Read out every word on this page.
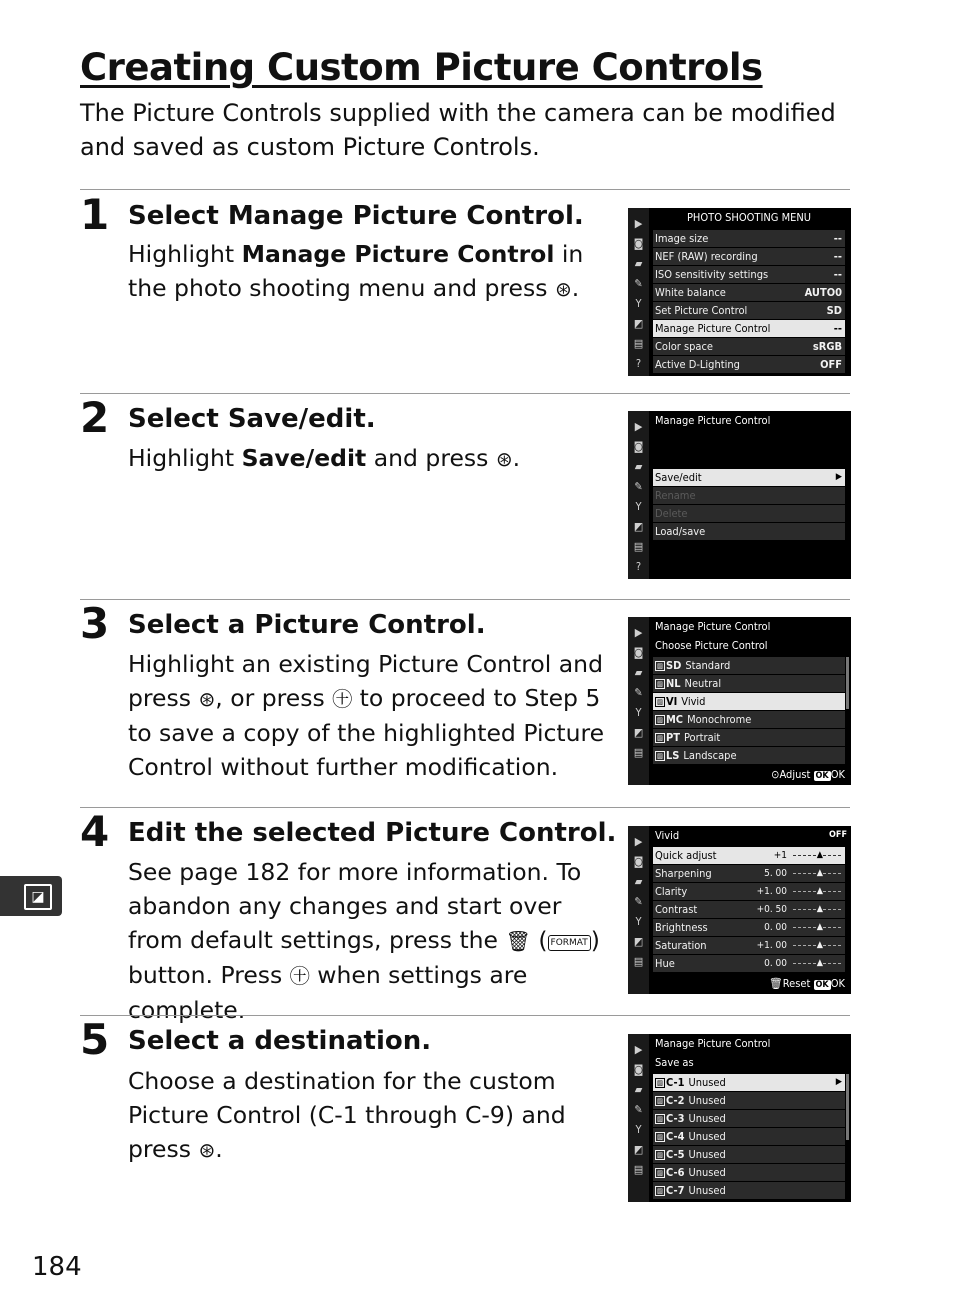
Creating Custom Picture Controls
The Picture Controls supplied with the camera can be modified and saved as custom Picture Controls.
1 Select Manage Picture Control.
Highlight Manage Picture Control in the photo shooting menu and press ⊛.
▶
◙
▰
✎
Y
◩
▤
?
PHOTO SHOOTING MENU
Image size	--
NEF (RAW) recording	--
ISO sensitivity settings	--
White balance	AUTO0
Set Picture Control	SD
Manage Picture Control	--
Color space	sRGB
Active D-Lighting	OFF
2 Select Save/edit.
Highlight Save/edit and press ⊛.
▶
◙
▰
✎
Y
◩
▤
?
Manage Picture Control
Save/edit	▶
Rename
Delete
Load/save
3 Select a Picture Control.
Highlight an existing Picture Control and press ⊛, or press ㊉ to proceed to Step 5 to save a copy of the highlighted Picture Control without further modification.
▶
◙
▰
✎
Y
◩
▤
Manage Picture Control
Choose Picture Control
▨ SD Standard
▨ NL Neutral
▨ VI Vivid
▨ MC Monochrome
▨ PT Portrait
▨ LS Landscape
⊙Adjust OK OK
4 Edit the selected Picture Control.
See page 182 for more information. To abandon any changes and start over from default settings, press the 🗑 ( FORMAT ) button. Press ㊉ when settings are complete.
▶
◙
▰
✎
Y
◩
▤
Vivid	OFF
Quick adjust	+1	▲
Sharpening	5. 00	▲
Clarity	+1. 00	▲
Contrast	+0. 50	▲
Brightness	0. 00	▲
Saturation	+1. 00	▲
Hue	0. 00	▲
🗑Reset OK OK
◪
5 Select a destination.
Choose a destination for the custom Picture Control (C-1 through C-9) and press ⊛.
▶
◙
▰
✎
Y
◩
▤
Manage Picture Control
Save as
▨ C-1 Unused	▶
▨ C-2 Unused
▨ C-3 Unused
▨ C-4 Unused
▨ C-5 Unused
▨ C-6 Unused
▨ C-7 Unused
184
